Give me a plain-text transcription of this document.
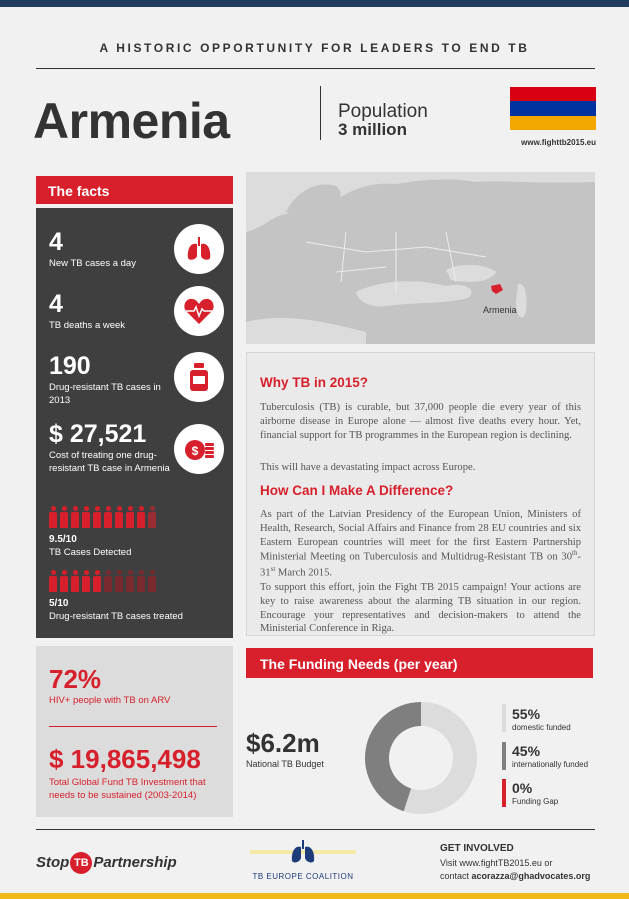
A HISTORIC OPPORTUNITY FOR LEADERS TO END TB
Armenia	Population
3 million
www.fighttb2015.eu
The facts
4
New TB cases a day
4
TB deaths a week
190
Drug-resistant TB cases in 2013
$ 27,521
Cost of treating one drug-resistant TB case in Armenia
$
9.5/10
TB Cases Detected
5/10
Drug-resistant TB cases treated
72%
HIV+ people with TB on ARV
$ 19,865,498
Total Global Fund TB Investment that needs to be sustained (2003-2014)
Armenia
Why TB in 2015?
Tuberculosis (TB) is curable, but 37,000 people die every year of this airborne disease in Europe alone — almost five deaths every hour. Yet, financial support for TB programmes in the European region is declining.
This will have a devastating impact across Europe.
How Can I Make A Difference?
As part of the Latvian Presidency of the European Union, Ministers of Health, Research, Social Affairs and Finance from 28 EU countries and six Eastern European countries will meet for the first Eastern Partnership Ministerial Meeting on Tuberculosis and Multidrug-Resistant TB on 30th-31st March 2015.
To support this effort, join the Fight TB 2015 campaign! Your actions are key to raise awareness about the alarming TB situation in our region. Encourage your representatives and decision-makers to attend the Ministerial Conference in Riga.
The Funding Needs (per year)
$6.2m
National TB Budget
55%
domestic funded
45%
internationally funded
0%
Funding Gap
Stop TB Partnership
TB EUROPE COALITION
GET INVOLVED
Visit www.fightTB2015.eu or
contact acorazza@ghadvocates.org
